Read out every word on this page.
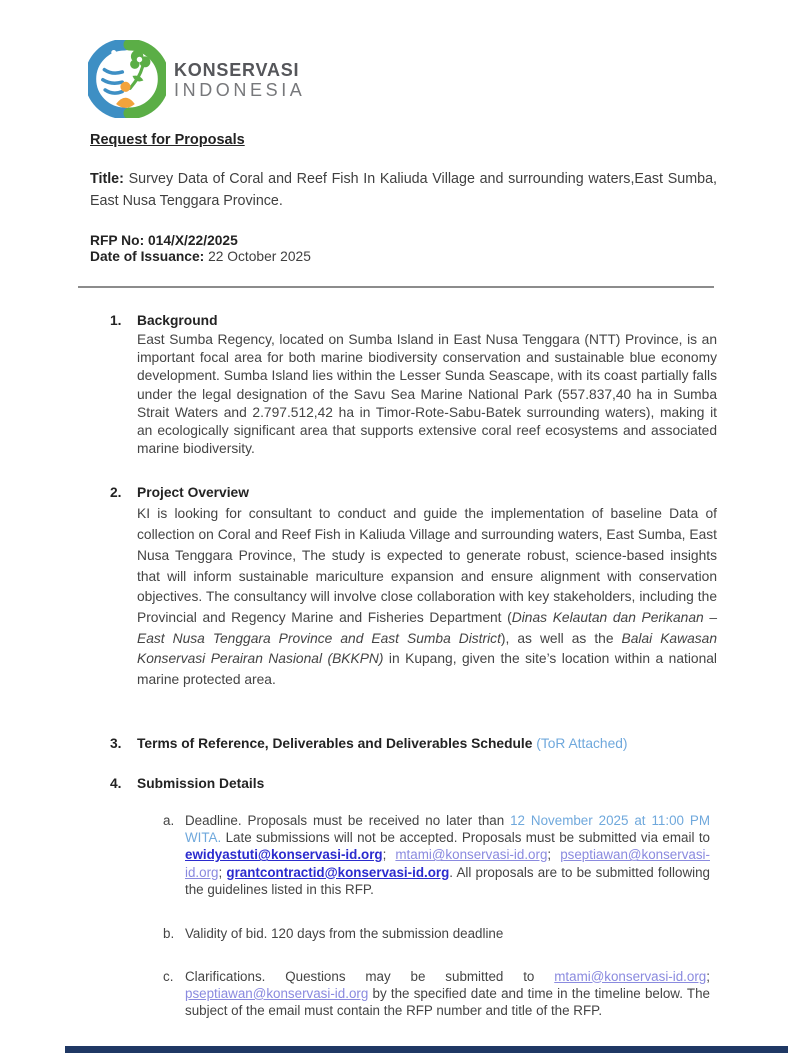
KONSERVASI
INDONESIA
Request for Proposals

Title: Survey Data of Coral and Reef Fish In Kaliuda Village and surrounding waters,East Sumba, East Nusa Tenggara Province.

RFP No: 014/X/22/2025
Date of Issuance: 22 October 2025
1.	Background
East Sumba Regency, located on Sumba Island in East Nusa Tenggara (NTT) Province, is an important focal area for both marine biodiversity conservation and sustainable blue economy development. Sumba Island lies within the Lesser Sunda Seascape, with its coast partially falls under the legal designation of the Savu Sea Marine National Park (557.837,40 ha in Sumba Strait Waters and 2.797.512,42 ha in Timor-Rote-Sabu-Batek surrounding waters), making it an ecologically significant area that supports extensive coral reef ecosystems and associated marine biodiversity.
2.	Project Overview
KI is looking for consultant to conduct and guide the implementation of baseline Data of collection on Coral and Reef Fish in Kaliuda Village and surrounding waters, East Sumba, East Nusa Tenggara Province, The study is expected to generate robust, science-based insights that will inform sustainable mariculture expansion and ensure alignment with conservation objectives. The consultancy will involve close collaboration with key stakeholders, including the Provincial and Regency Marine and Fisheries Department (Dinas Kelautan dan Perikanan – East Nusa Tenggara Province and East Sumba District), as well as the Balai Kawasan Konservasi Perairan Nasional (BKKPN) in Kupang, given the site’s location within a national marine protected area.
3.	Terms of Reference, Deliverables and Deliverables Schedule (ToR Attached)
4.	Submission Details
a. Deadline. Proposals must be received no later than 12 November 2025 at 11:00 PM WITA. Late submissions will not be accepted. Proposals must be submitted via email to ewidyastuti@konservasi-id.org; mtami@konservasi-id.org; pseptiawan@konservasi-id.org; grantcontractid@konservasi-id.org. All proposals are to be submitted following the guidelines listed in this RFP.
b. Validity of bid. 120 days from the submission deadline
c. Clarifications. Questions may be submitted to mtami@konservasi-id.org; pseptiawan@konservasi-id.org by the specified date and time in the timeline below. The subject of the email must contain the RFP number and title of the RFP.
